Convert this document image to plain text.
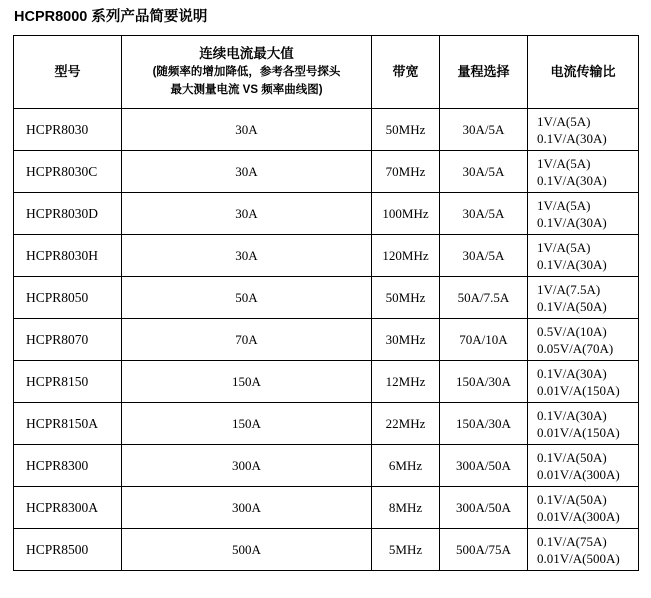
HCPR8000 系列产品简要说明
型号	连续电流最大值
(随频率的增加降低，参考各型号探头
最大测量电流 VS 频率曲线图)	带宽	量程选择	电流传输比
HCPR8030	30A	50MHz	30A/5A	1V/A(5A)
0.1V/A(30A)

HCPR8030C	30A	70MHz	30A/5A	1V/A(5A)
0.1V/A(30A)

HCPR8030D	30A	100MHz	30A/5A	1V/A(5A)
0.1V/A(30A)

HCPR8030H	30A	120MHz	30A/5A	1V/A(5A)
0.1V/A(30A)

HCPR8050	50A	50MHz	50A/7.5A	1V/A(7.5A)
0.1V/A(50A)

HCPR8070	70A	30MHz	70A/10A	0.5V/A(10A)
0.05V/A(70A)

HCPR8150	150A	12MHz	150A/30A	0.1V/A(30A)
0.01V/A(150A)

HCPR8150A	150A	22MHz	150A/30A	0.1V/A(30A)
0.01V/A(150A)

HCPR8300	300A	6MHz	300A/50A	0.1V/A(50A)
0.01V/A(300A)

HCPR8300A	300A	8MHz	300A/50A	0.1V/A(50A)
0.01V/A(300A)

HCPR8500	500A	5MHz	500A/75A	0.1V/A(75A)
0.01V/A(500A)
